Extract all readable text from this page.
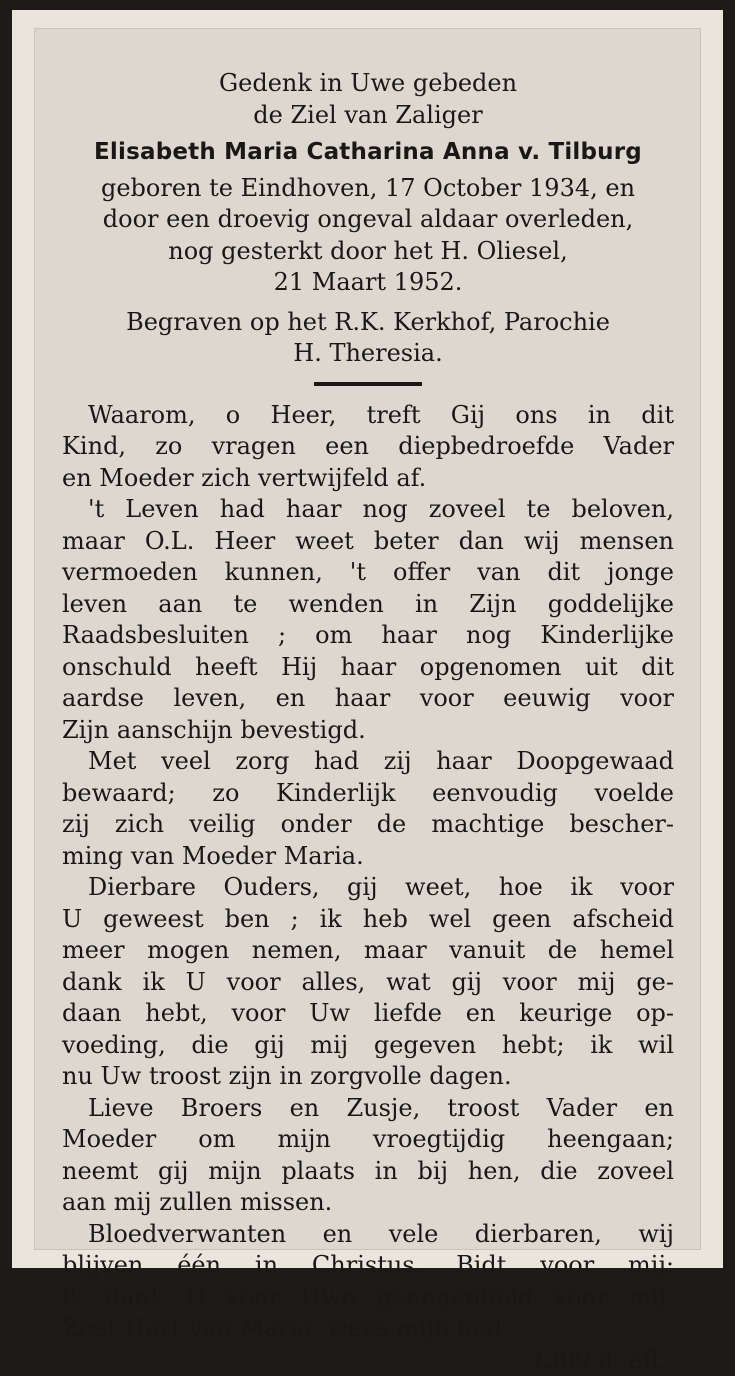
Gedenk in Uwe gebeden
de Ziel van Zaliger
Elisabeth Maria Catharina Anna v. Tilburg
geboren te Eindhoven, 17 October 1934, en
door een droevig ongeval aldaar overleden,
nog gesterkt door het H. Oliesel,
21 Maart 1952.
Begraven op het R.K. Kerkhof, Parochie
H. Theresia.
Waarom, o Heer, treft Gij ons in dit
Kind, zo vragen een diepbedroefde Vader
en Moeder zich vertwijfeld af.
't Leven had haar nog zoveel te beloven,
maar O.L. Heer weet beter dan wij mensen
vermoeden kunnen, 't offer van dit jonge
leven aan te wenden in Zijn goddelijke
Raadsbesluiten ; om haar nog Kinderlijke
onschuld heeft Hij haar opgenomen uit dit
aardse leven, en haar voor eeuwig voor
Zijn aanschijn bevestigd.
Met veel zorg had zij haar Doopgewaad
bewaard; zo Kinderlijk eenvoudig voelde
zij zich veilig onder de machtige bescher-
ming van Moeder Maria.
Dierbare Ouders, gij weet, hoe ik voor
U geweest ben ; ik heb wel geen afscheid
meer mogen nemen, maar vanuit de hemel
dank ik U voor alles, wat gij voor mij ge-
daan hebt, voor Uw liefde en keurige op-
voeding, die gij mij gegeven hebt; ik wil
nu Uw troost zijn in zorgvolle dagen.
Lieve Broers en Zusje, troost Vader en
Moeder om mijn vroegtijdig heengaan;
neemt gij mijn plaats in bij hen, die zoveel
aan mij zullen missen.
Bloedverwanten en vele dierbaren, wij
blijven één in Christus. Bidt voor mij;
ik dank U voor Uwe genegenheid voor mij.
Zoet Hart van Maria, wees mijn heil.
(300 d. afl.,
